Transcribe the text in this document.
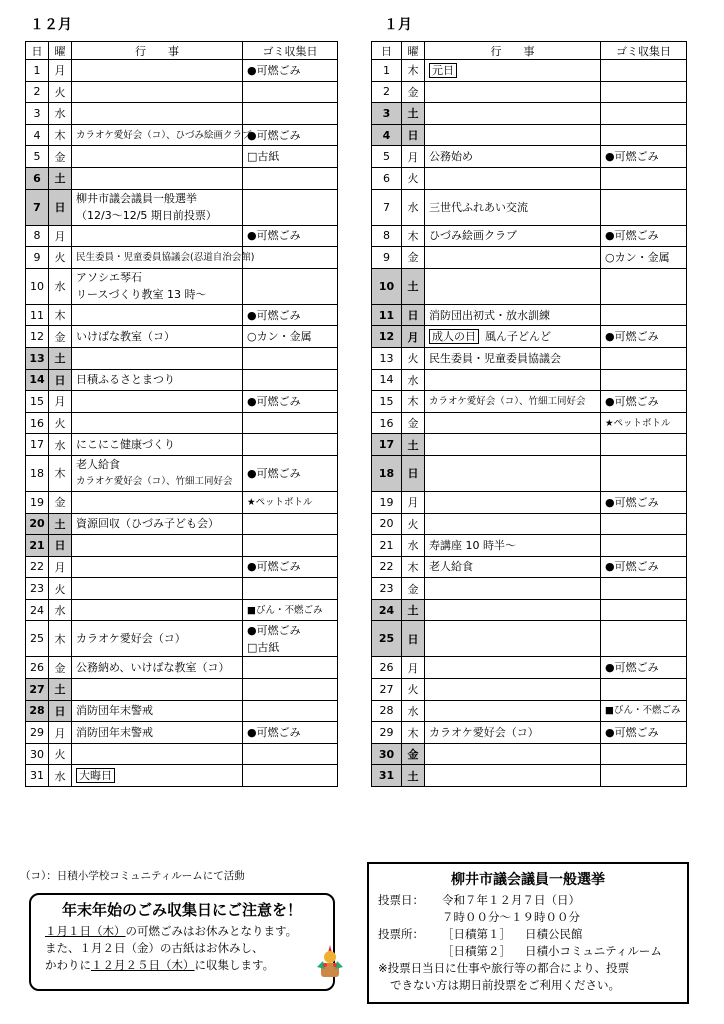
１２月	１月
日	曜	行　　事	ゴミ収集日
1	月		●可燃ごみ

2	火		
3	水		
4	木	カラオケ愛好会（コ）、ひづみ絵画クラブ	●可燃ごみ

5	金		□古紙

6	土		
7	日	柳井市議会議員一般選挙
（12/3～12/5 期日前投票）	

8	月		●可燃ごみ

9	火	民生委員・児童委員協議会(忍道自治会館)	

10	水	アソシエ琴石
リースづくり教室 13 時～	

11	木		●可燃ごみ

12	金	いけばな教室（コ）	○カン・金属

13	土		
14	日	日積ふるさとまつり	

15	月		●可燃ごみ

16	火		
17	水	にこにこ健康づくり	

18	木	老人給食
カラオケ愛好会（コ）、竹細工同好会	●可燃ごみ

19	金		★ペットボトル

20	土	資源回収（ひづみ子ども会）	

21	日		
22	月		●可燃ごみ

23	火		
24	水		■びん・不燃ごみ

25	木	カラオケ愛好会（コ）	●可燃ごみ
□古紙

26	金	公務納め、いけばな教室（コ）	

27	土		
28	日	消防団年末警戒	

29	月	消防団年末警戒	●可燃ごみ

30	火		
31	水	大晦日	

日	曜	行　　事	ゴミ収集日
1	木	元日	

2	金		
3	土		
4	日		
5	月	公務始め	●可燃ごみ

6	火		
7	水	三世代ふれあい交流	

8	木	ひづみ絵画クラブ	●可燃ごみ

9	金		○カン・金属

10	土		
11	日	消防団出初式・放水訓練	

12	月	成人の日 風ん子どんど	●可燃ごみ

13	火	民生委員・児童委員協議会	

14	水		
15	木	カラオケ愛好会（コ）、竹細工同好会	●可燃ごみ

16	金		★ペットボトル

17	土		
18	日		
19	月		●可燃ごみ

20	火		
21	水	寿講座 10 時半～	

22	木	老人給食	●可燃ごみ

23	金		
24	土		
25	日		
26	月		●可燃ごみ

27	火		
28	水		■びん・不燃ごみ

29	木	カラオケ愛好会（コ）	●可燃ごみ

30	金		
31	土		
（コ）：日積小学校コミュニティルームにて活動
年末年始のごみ収集日にご注意を！
１月１日（木）の可燃ごみはお休みとなります。
また、１月２日（金）の古紙はお休みし、
かわりに１２月２５日（木）に収集します。
柳井市議会議員一般選挙
投票日：	令和７年１２月７日（日）
７時００分～１９時００分
投票所：	［日積第１］ 日積公民館
［日積第２］ 日積小コミュニティルーム
※投票日当日に仕事や旅行等の都合により、投票
できない方は期日前投票をご利用ください。
